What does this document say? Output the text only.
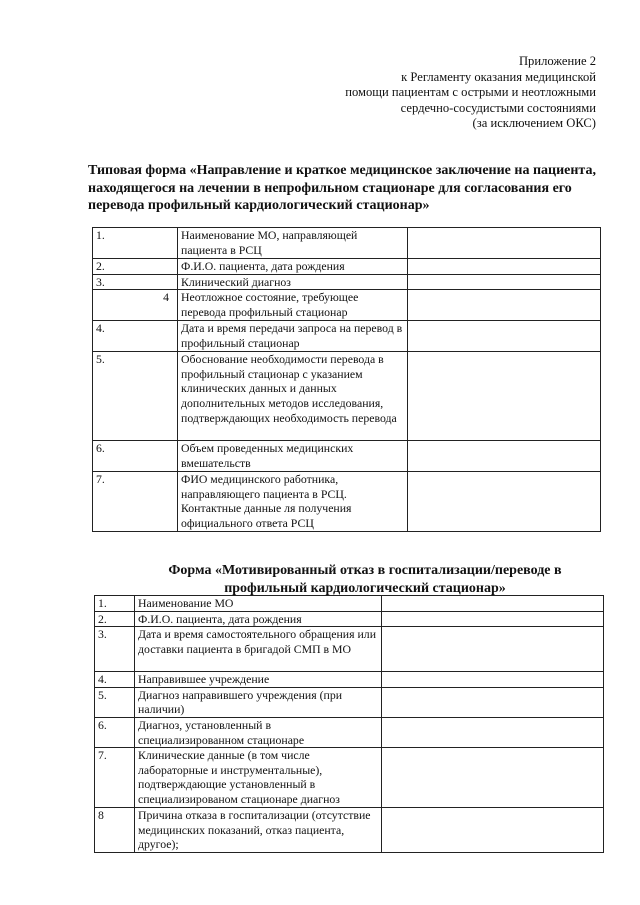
Приложение 2
к Регламенту оказания медицинской
помощи пациентам с острыми и неотложными
сердечно-сосудистыми состояниями
(за исключением ОКС)
Типовая форма «Направление и краткое медицинское заключение на пациента, находящегося на лечении в непрофильном стационаре для согласования его перевода профильный кардиологический стационар»
1.	Наименование МО, направляющей пациента в РСЦ	
2.	Ф.И.О. пациента, дата рождения	
3.	Клинический диагноз	
4	Неотложное состояние, требующее перевода профильный стационар	
4.	Дата и время передачи запроса на перевод в профильный стационар	
5.	Обоснование необходимости перевода в профильный стационар с указанием клинических данных и данных дополнительных методов исследования, подтверждающих необходимость перевода	
6.	Объем проведенных медицинских вмешательств	
7.	ФИО медицинского работника, направляющего пациента в РСЦ. Контактные данные ля получения официального ответа РСЦ	
Форма «Мотивированный отказ в госпитализации/переводе в профильный кардиологический стационар»
1.	Наименование МО	
2.	Ф.И.О. пациента, дата рождения	
3.	Дата и время самостоятельного обращения или доставки пациента в бригадой СМП в МО	
4.	Направившее учреждение	
5.	Диагноз направившего учреждения (при наличии)	
6.	Диагноз, установленный в специализированном стационаре	
7.	Клинические данные (в том числе лабораторные и инструментальные), подтверждающие установленный в специализированом стационаре диагноз	
8	Причина отказа в госпитализации (отсутствие медицинских показаний, отказ пациента, другое);	
